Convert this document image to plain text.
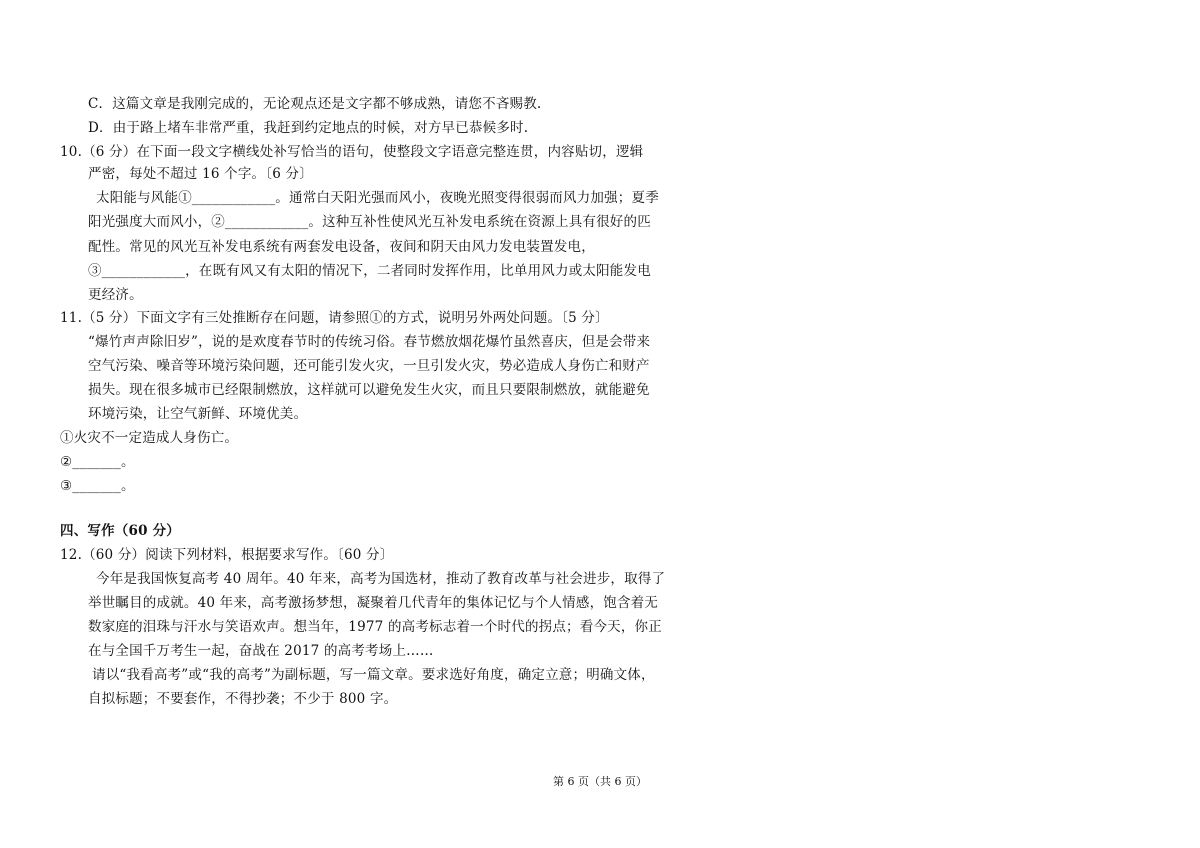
C．这篇文章是我刚完成的，无论观点还是文字都不够成熟，请您不吝赐教.
D．由于路上堵车非常严重，我赶到约定地点的时候，对方早已恭候多时.
10.（6 分）在下面一段文字横线处补写恰当的语句，使整段文字语意完整连贯，内容贴切，逻辑
严密，每处不超过 16 个字。〔6 分〕
太阳能与风能①____________。通常白天阳光强而风小，夜晚光照变得很弱而风力加强；夏季
阳光强度大而风小，②____________。这种互补性使风光互补发电系统在资源上具有很好的匹
配性。常见的风光互补发电系统有两套发电设备，夜间和阴天由风力发电装置发电，
③____________，在既有风又有太阳的情况下，二者同时发挥作用，比单用风力或太阳能发电
更经济。
11.（5 分）下面文字有三处推断存在问题，请参照①的方式，说明另外两处问题。〔5 分〕
“爆竹声声除旧岁”，说的是欢度春节时的传统习俗。春节燃放烟花爆竹虽然喜庆，但是会带来
空气污染、噪音等环境污染问题，还可能引发火灾，一旦引发火灾，势必造成人身伤亡和财产
损失。现在很多城市已经限制燃放，这样就可以避免发生火灾，而且只要限制燃放，就能避免
环境污染，让空气新鲜、环境优美。
①火灾不一定造成人身伤亡。
②_______。
③_______。
四、写作（60 分）
12.（60 分）阅读下列材料，根据要求写作。〔60 分〕
今年是我国恢复高考 40 周年。40 年来，高考为国选材，推动了教育改革与社会进步，取得了
举世瞩目的成就。40 年来，高考激扬梦想，凝聚着几代青年的集体记忆与个人情感，饱含着无
数家庭的泪珠与汗水与笑语欢声。想当年，1977 的高考标志着一个时代的拐点；看今天，你正
在与全国千万考生一起，奋战在 2017 的高考考场上……
请以“我看高考”或“我的高考”为副标题，写一篇文章。要求选好角度，确定立意；明确文体，
自拟标题；不要套作，不得抄袭；不少于 800 字。
第 6 页（共 6 页）
